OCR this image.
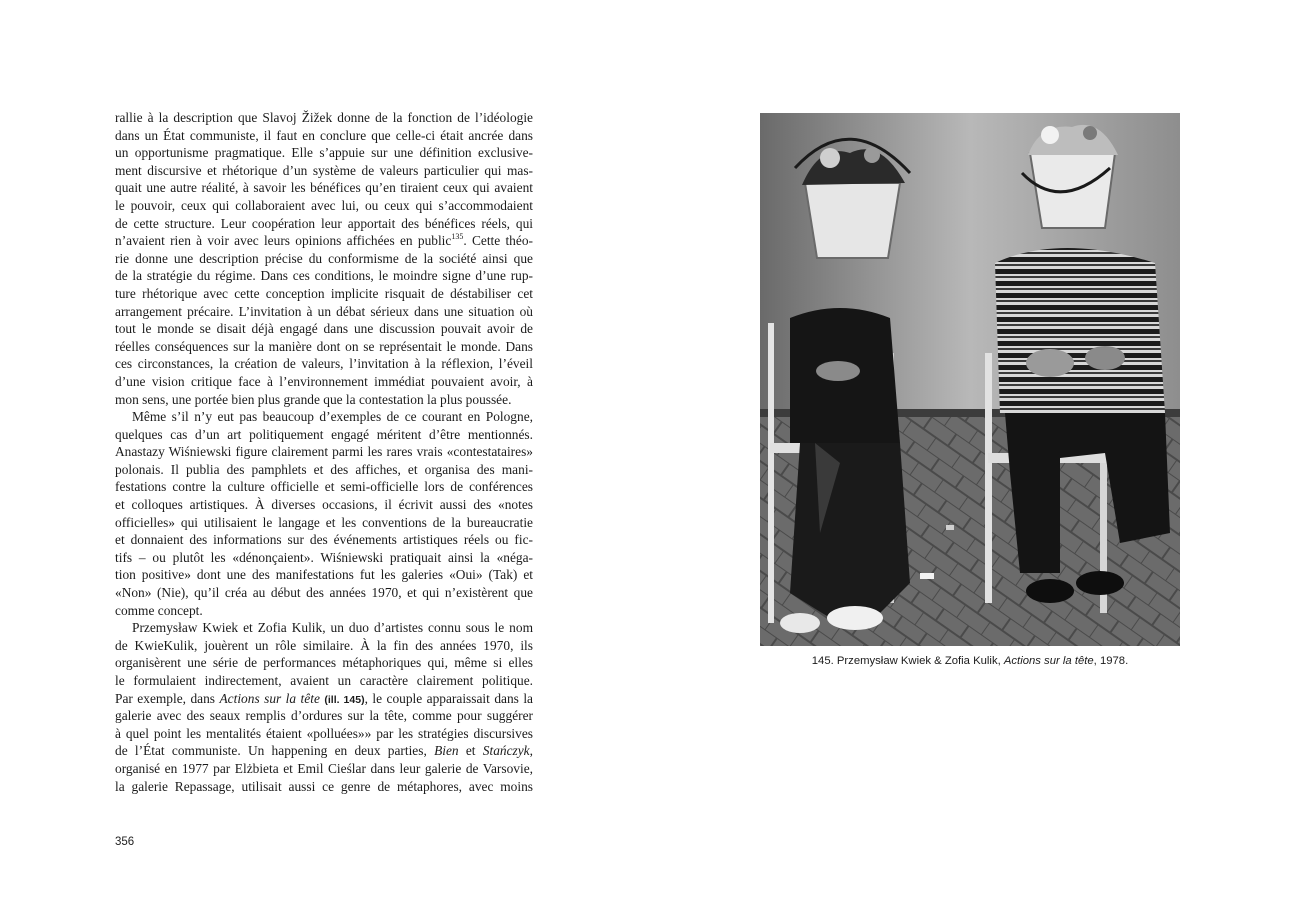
rallie à la description que Slavoj Žižek donne de la fonction de l’idéologie
dans un État communiste, il faut en conclure que celle-ci était ancrée dans
un opportunisme pragmatique. Elle s’appuie sur une définition exclusive-
ment discursive et rhétorique d’un système de valeurs particulier qui mas-
quait une autre réalité, à savoir les bénéfices qu’en tiraient ceux qui avaient
le pouvoir, ceux qui collaboraient avec lui, ou ceux qui s’accommodaient
de cette structure. Leur coopération leur apportait des bénéfices réels, qui
n’avaient rien à voir avec leurs opinions affichées en public$^{135}$. Cette théo-
rie donne une description précise du conformisme de la société ainsi que
de la stratégie du régime. Dans ces conditions, le moindre signe d’une rup-
ture rhétorique avec cette conception implicite risquait de déstabiliser cet
arrangement précaire. L’invitation à un débat sérieux dans une situation où
tout le monde se disait déjà engagé dans une discussion pouvait avoir de
réelles conséquences sur la manière dont on se représentait le monde. Dans
ces circonstances, la création de valeurs, l’invitation à la réflexion, l’éveil
d’une vision critique face à l’environnement immédiat pouvaient avoir, à
mon sens, une portée bien plus grande que la contestation la plus poussée.
Même s’il n’y eut pas beaucoup d’exemples de ce courant en Pologne,
quelques cas d’un art politiquement engagé méritent d’être mentionnés.
Anastazy Wiśniewski figure clairement parmi les rares vrais «contestataires»
polonais. Il publia des pamphlets et des affiches, et organisa des mani-
festations contre la culture officielle et semi-officielle lors de conférences
et colloques artistiques. À diverses occasions, il écrivit aussi des «notes
officielles» qui utilisaient le langage et les conventions de la bureaucratie
et donnaient des informations sur des événements artistiques réels ou fic-
tifs – ou plutôt les «dénonçaient». Wiśniewski pratiquait ainsi la «néga-
tion positive» dont une des manifestations fut les galeries «Oui» (Tak) et
«Non» (Nie), qu’il créa au début des années 1970, et qui n’existèrent que
comme concept.
Przemysław Kwiek et Zofia Kulik, un duo d’artistes connu sous le nom
de KwieKulik, jouèrent un rôle similaire. À la fin des années 1970, ils
organisèrent une série de performances métaphoriques qui, même si elles
le formulaient indirectement, avaient un caractère clairement politique.
Par exemple, dans Actions sur la tête (ill. 145), le couple apparaissait dans la
galerie avec des seaux remplis d’ordures sur la tête, comme pour suggérer
à quel point les mentalités étaient «polluées»» par les stratégies discursives
de l’État communiste. Un happening en deux parties, Bien et Stańczyk,
organisé en 1977 par Elżbieta et Emil Cieślar dans leur galerie de Varsovie,
la galerie Repassage, utilisait aussi ce genre de métaphores, avec moins
356
145. Przemysław Kwiek & Zofia Kulik, Actions sur la tête, 1978.
